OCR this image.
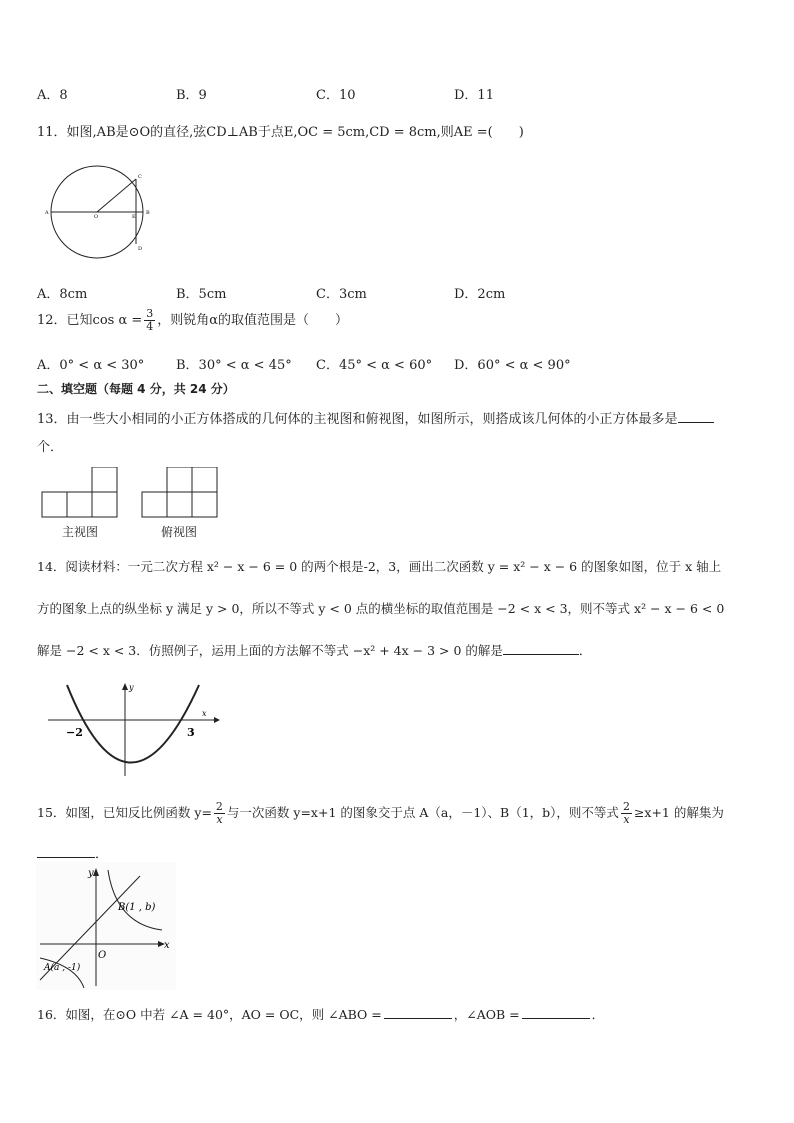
A．8	B．9	C．10	D．11
11．如图,AB是⊙O的直径,弦CD⊥AB于点E,OC = 5cm,CD = 8cm,则AE =(　　)
A
O	E
B
C
D
A．8cm	B．5cm	C．3cm	D．2cm
12．已知$\cos \alpha = \frac{3}{4}$ ，则锐角α的取值范围是（　　）
A．0° < α < 30° B．30° < α < 45° C．45° < α < 60° D．60° < α < 90°
二、填空题（每题 4 分，共 24 分）
13．由一些大小相同的小正方体搭成的几何体的主视图和俯视图，如图所示，则搭成该几何体的小正方体最多是
个．
主视图	俯视图
14．阅读材料：一元二次方程 x² − x − 6 = 0 的两个根是-2，3，画出二次函数 y = x² − x − 6 的图象如图，位于 x 轴上
方的图象上点的纵坐标 y 满足 y > 0，所以不等式 y < 0 点的横坐标的取值范围是 −2 < x < 3，则不等式 x² − x − 6 < 0
解是 −2 < x < 3．仿照例子，运用上面的方法解不等式 −x² + 4x − 3 > 0 的解是	．
y
x
−2	3
15．如图，已知反比例函数 $y= \frac{2}{x}$ 与一次函数 y=x+1 的图象交于点 A（a，－1）、B（1，b），则不等式 $\frac{2}{x} \ge x+1$ 的解集为
．
y
x
O
B(1 , b)
A(a , -1)
16．如图，在⊙O 中若 ∠A = 40°，AO = OC，则 ∠ABO =	，∠AOB =	．
